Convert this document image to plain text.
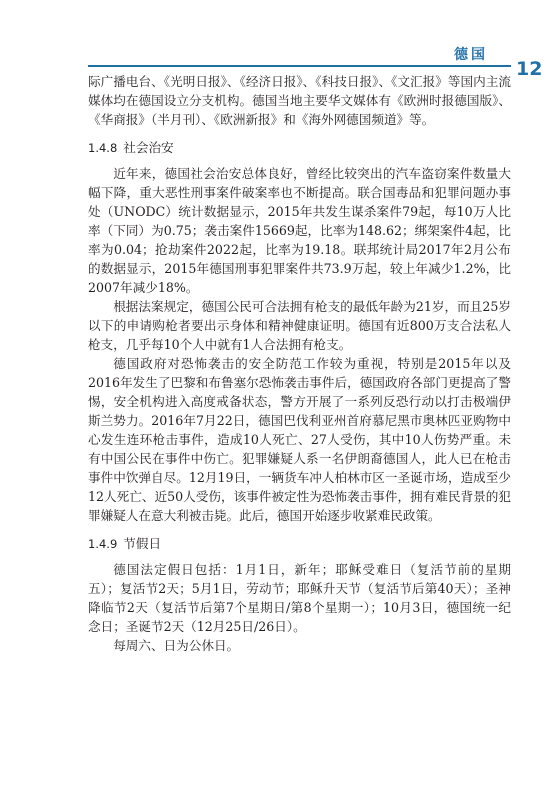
德国
12

际广播电台、《光明日报》、《经济日报》、《科技日报》、《文汇报》等国内主流媒体均在德国设立分支机构。德国当地主要华文媒体有《欧洲时报德国版》、《华商报》（半月刊）、《欧洲新报》和《海外网德国频道》等。

1.4.8 社会治安

近年来，德国社会治安总体良好，曾经比较突出的汽车盗窃案件数量大幅下降，重大恶性刑事案件破案率也不断提高。联合国毒品和犯罪问题办事处（UNODC）统计数据显示，2015年共发生谋杀案件79起，每10万人比率（下同）为0.75；袭击案件15669起，比率为148.62；绑架案件4起，比率为0.04；抢劫案件2022起，比率为19.18。联邦统计局2017年2月公布的数据显示，2015年德国刑事犯罪案件共73.9万起，较上年减少1.2%，比2007年减少18%。

根据法案规定，德国公民可合法拥有枪支的最低年龄为21岁，而且25岁以下的申请购枪者要出示身体和精神健康证明。德国有近800万支合法私人枪支，几乎每10个人中就有1人合法拥有枪支。

德国政府对恐怖袭击的安全防范工作较为重视，特别是2015年以及2016年发生了巴黎和布鲁塞尔恐怖袭击事件后，德国政府各部门更提高了警惕，安全机构进入高度戒备状态，警方开展了一系列反恐行动以打击极端伊斯兰势力。2016年7月22日，德国巴伐利亚州首府慕尼黑市奥林匹亚购物中心发生连环枪击事件，造成10人死亡、27人受伤，其中10人伤势严重。未有中国公民在事件中伤亡。犯罪嫌疑人系一名伊朗裔德国人，此人已在枪击事件中饮弹自尽。12月19日，一辆货车冲人柏林市区一圣诞市场，造成至少12人死亡、近50人受伤，该事件被定性为恐怖袭击事件，拥有难民背景的犯罪嫌疑人在意大利被击毙。此后，德国开始逐步收紧难民政策。

1.4.9 节假日

德国法定假日包括：1月1日，新年；耶稣受难日（复活节前的星期五）；复活节2天；5月1日，劳动节；耶稣升天节（复活节后第40天）；圣神降临节2天（复活节后第7个星期日/第8个星期一）；10月3日，德国统一纪念日；圣诞节2天（12月25日/26日）。

每周六、日为公休日。
